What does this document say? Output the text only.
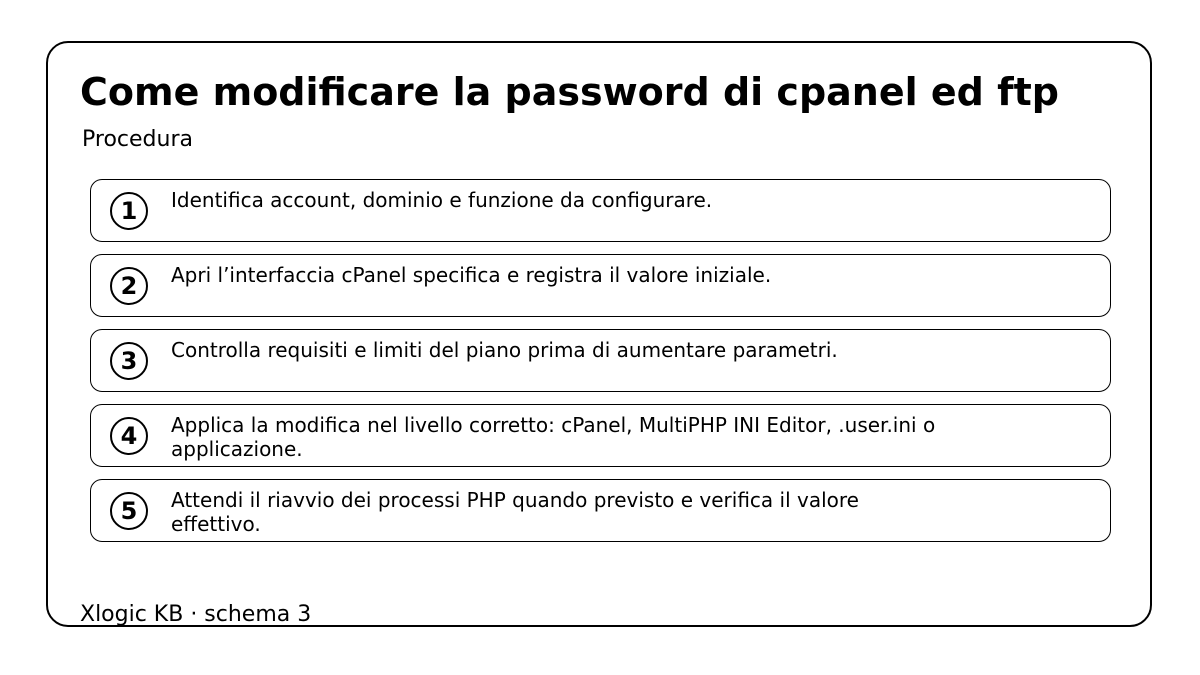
Come modificare la password di cpanel ed ftp
Procedura
1	Identifica account, dominio e funzione da configurare.
2	Apri l’interfaccia cPanel specifica e registra il valore iniziale.
3	Controlla requisiti e limiti del piano prima di aumentare parametri.
4	Applica la modifica nel livello corretto: cPanel, MultiPHP INI Editor, .user.ini o applicazione.
5	Attendi il riavvio dei processi PHP quando previsto e verifica il valore effettivo.
Xlogic KB · schema 3
